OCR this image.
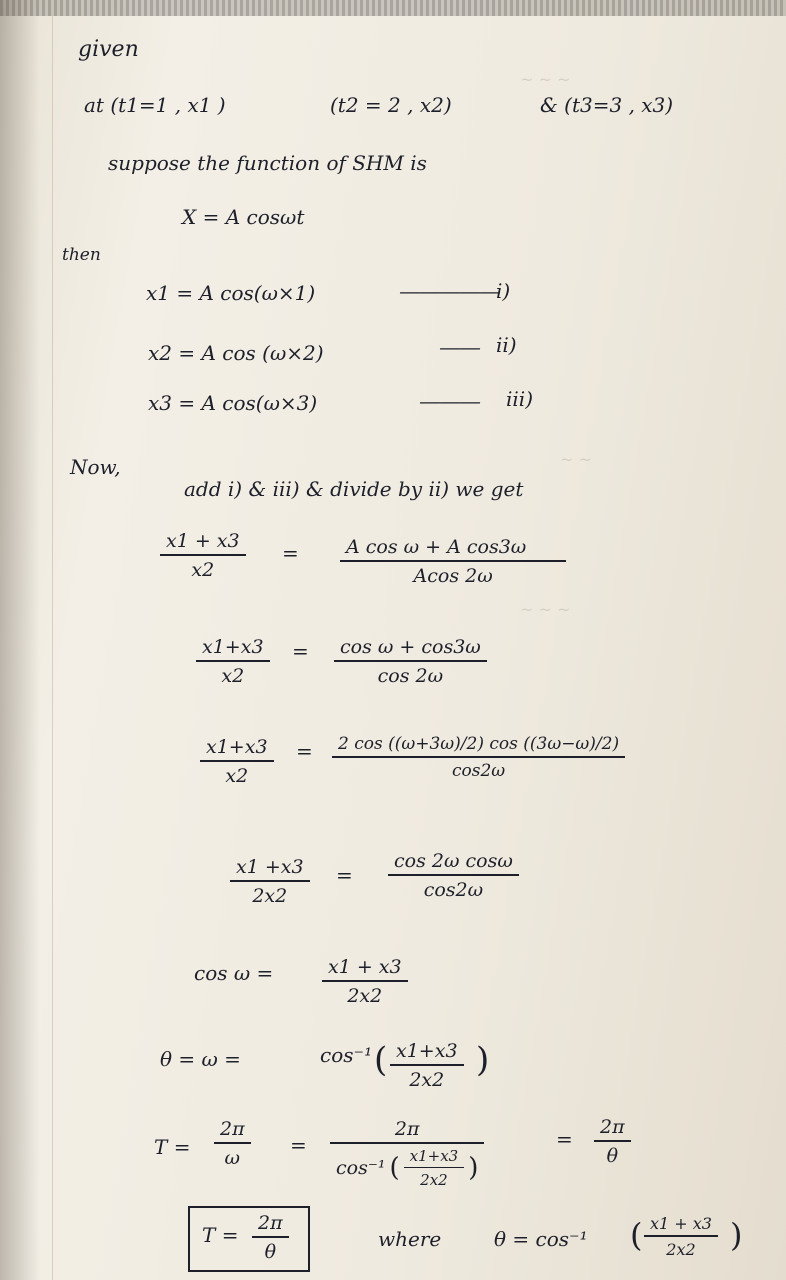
~ ~ ~
~ ~
~ ~ ~
given
at (t1=1 , x1 )	(t2 = 2 , x2)	& (t3=3 , x3)
suppose the function of SHM is
X = A cosωt
then
x1 = A cos(ω×1)	―――――
i)
x2 = A cos (ω×2)	―― ii)
x3 = A cos(ω×3)	――― iii)
Now,
add i) & iii) & divide by ii) we get
x1 + x3
x2
=	A cos ω + A cos3ω
Acos 2ω
x1+x3
x2
=	cos ω + cos3ω
cos 2ω
x1+x3
x2
=	2 cos ((ω+3ω)/2) cos ((3ω−ω)/2)
cos2ω
x1 +x3
2x2
=
cos 2ω cosω
cos2ω
cos ω =	x1 + x3
2x2
θ = ω =	cos⁻¹ ( x1+x3
2x2 )
T =
2π
ω
=
2π
cos⁻¹ ( $\frac{x1+x3}{2x2}$ )
=	2π
θ
T =	2π
θ
where	θ = cos⁻¹ ( x1 + x3
2x2 )
